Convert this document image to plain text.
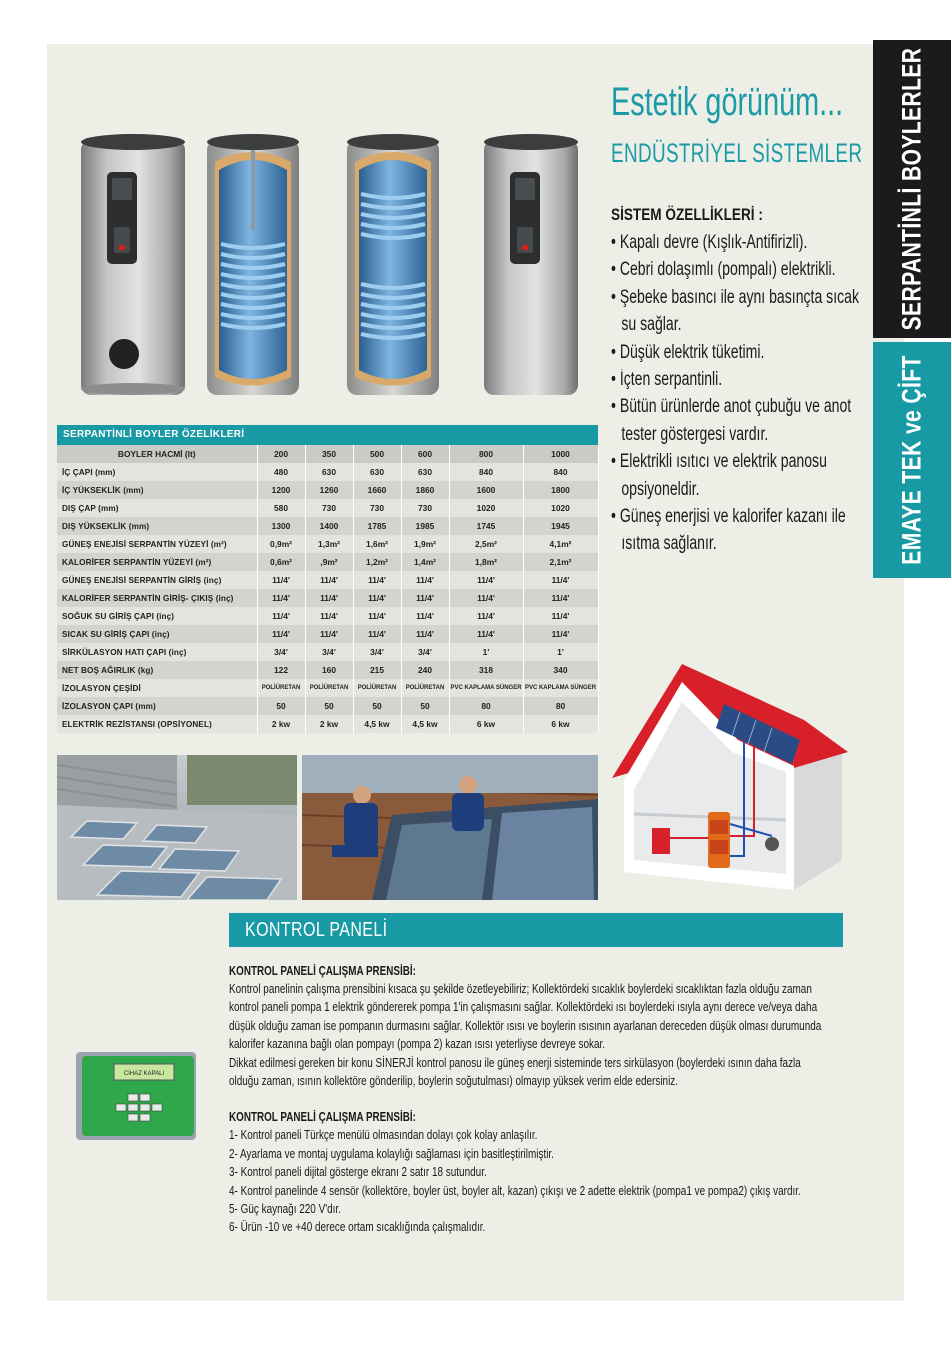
SERPANTİNLİ BOYLERLER
EMAYE TEK ve ÇİFT
Estetik görünüm...
ENDÜSTRİYEL SİSTEMLER
SİSTEM ÖZELLİKLERİ :
• Kapalı devre (Kışlık-Antifirizli).
• Cebri dolaşımlı (pompalı) elektrikli.
• Şebeke basıncı ile aynı basınçta sıcak su sağlar.
• Düşük elektrik tüketimi.
• İçten serpantinli.
• Bütün ürünlerde anot çubuğu ve anot tester göstergesi vardır.
• Elektrikli ısıtıcı ve elektrik panosu opsiyoneldir.
• Güneş enerjisi ve kalorifer kazanı ile ısıtma sağlanır.
SERPANTİNLİ BOYLER ÖZELİKLERİ
BOYLER HACMİ (lt)	200	350	500	600	800	1000
İÇ ÇAPI (mm)	480	630	630	630	840	840
İÇ YÜKSEKLİK (mm)	1200	1260	1660	1860	1600	1800
DIŞ ÇAP (mm)	580	730	730	730	1020	1020
DIŞ YÜKSEKLİK (mm)	1300	1400	1785	1985	1745	1945
GÜNEŞ ENEJİSİ SERPANTİN YÜZEYİ (m²)	0,9m²	1,3m²	1,6m²	1,9m²	2,5m²	4,1m²
KALORİFER SERPANTİN YÜZEYİ (m²)	0,6m²	,9m²	1,2m²	1,4m²	1,8m²	2,1m²
GÜNEŞ ENEJİSİ SERPANTİN GİRİŞ (inç)	11/4'	11/4'	11/4'	11/4'	11/4'	11/4'
KALORİFER SERPANTİN GİRİŞ- ÇIKIŞ (inç)	11/4'	11/4'	11/4'	11/4'	11/4'	11/4'
SOĞUK SU GİRİŞ ÇAPI (inç)	11/4'	11/4'	11/4'	11/4'	11/4'	11/4'
SICAK SU GİRİŞ ÇAPI (inç)	11/4'	11/4'	11/4'	11/4'	11/4'	11/4'
SİRKÜLASYON HATI ÇAPI (inç)	3/4'	3/4'	3/4'	3/4'	1'	1'
NET BOŞ AĞIRLIK (kg)	122	160	215	240	318	340
İZOLASYON ÇEŞİDİ	POLİÜRETAN	POLİÜRETAN	POLİÜRETAN	POLİÜRETAN	PVC KAPLAMA SÜNGER	PVC KAPLAMA SÜNGER
İZOLASYON ÇAPI (mm)	50	50	50	50	80	80
ELEKTRİK REZİSTANSI (OPSİYONEL)	2 kw	2 kw	4,5 kw	4,5 kw	6 kw	6 kw
KONTROL PANELİ
KONTROL PANELİ ÇALIŞMA PRENSİBİ:

Kontrol panelinin çalışma prensibini kısaca şu şekilde özetleyebiliriz; Kollektördeki sıcaklık boylerdeki sıcaklıktan fazla olduğu zaman

kontrol paneli pompa 1 elektrik göndererek pompa 1'in çalışmasını sağlar. Kollektördeki ısı boylerdeki ısıyla aynı derece ve/veya daha

düşük olduğu zaman ise pompanın durmasını sağlar. Kollektör ısısı ve boylerin ısısının ayarlanan dereceden düşük olması durumunda

kalorifer kazanına bağlı olan pompayı (pompa 2) kazan ısısı yeterliyse devreye sokar.

Dikkat edilmesi gereken bir konu SİNERJİ kontrol panosu ile güneş enerji sisteminde ters sirkülasyon (boylerdeki ısının daha fazla

olduğu zaman, ısının kollektöre gönderilip, boylerin soğutulması) olmayıp yüksek verim elde edersiniz.

KONTROL PANELİ ÇALIŞMA PRENSİBİ:

1- Kontrol paneli Türkçe menülü olmasından dolayı çok kolay anlaşılır.

2- Ayarlama ve montaj uygulama kolaylığı sağlaması için basitleştirilmiştir.

3- Kontrol paneli dijital gösterge ekranı 2 satır 18 sutundur.

4- Kontrol panelinde 4 sensör (kollektöre, boyler üst, boyler alt, kazan) çıkışı ve 2 adette elektrik (pompa1 ve pompa2) çıkış vardır.

5- Güç kaynağı 220 V'dır.

6- Ürün -10 ve +40 derece ortam sıcaklığında çalışmalıdır.

CİHAZ KAPALI
